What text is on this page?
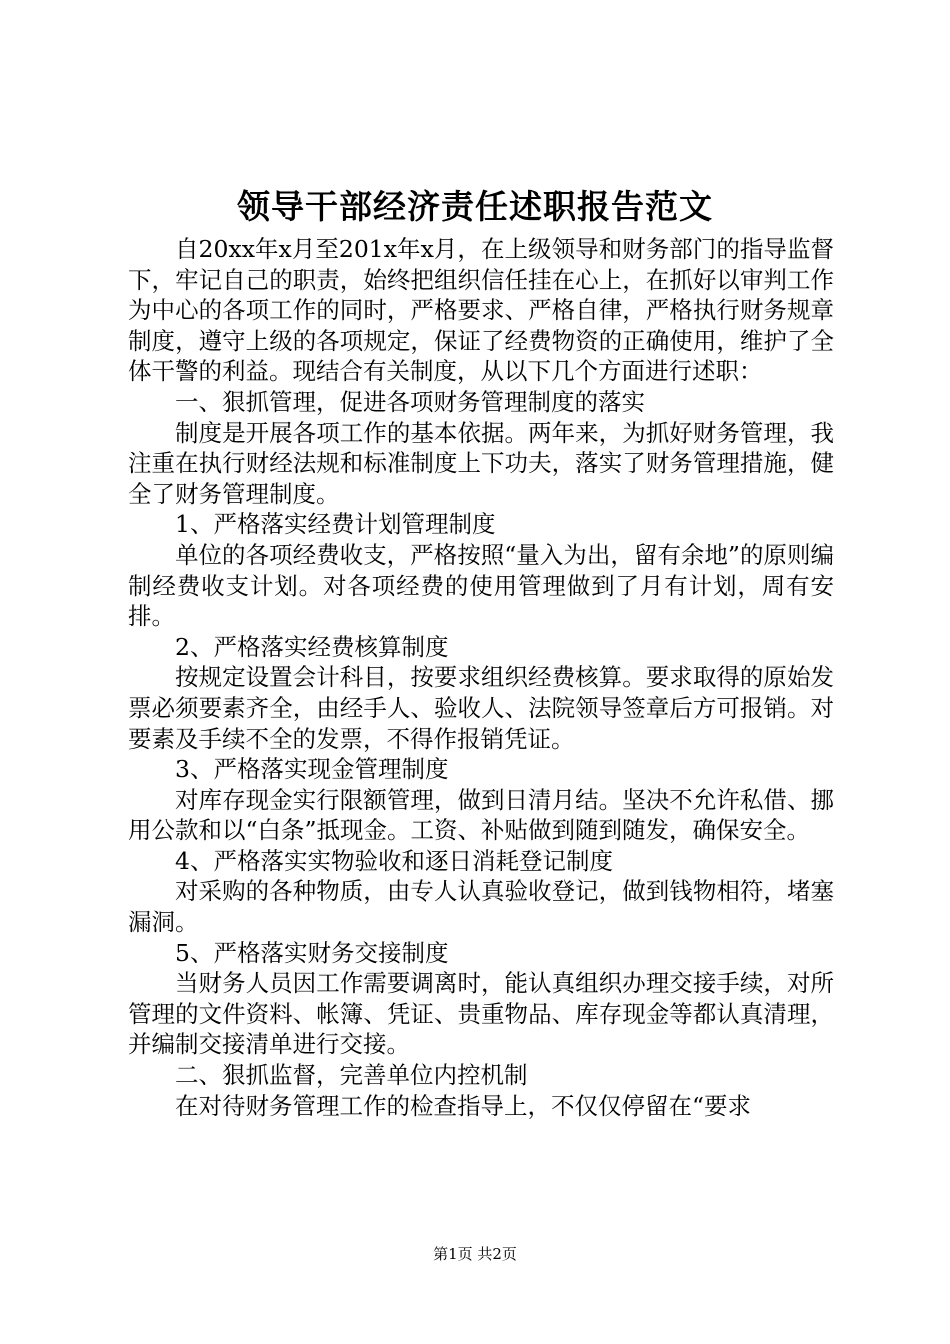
领导干部经济责任述职报告范文

自20xx年x月至201x年x月，在上级领导和财务部门的指导监督下，牢记自己的职责，始终把组织信任挂在心上，在抓好以审判工作为中心的各项工作的同时，严格要求、严格自律，严格执行财务规章制度，遵守上级的各项规定，保证了经费物资的正确使用，维护了全体干警的利益。现结合有关制度，从以下几个方面进行述职：

一、狠抓管理，促进各项财务管理制度的落实

制度是开展各项工作的基本依据。两年来，为抓好财务管理，我注重在执行财经法规和标准制度上下功夫，落实了财务管理措施，健全了财务管理制度。

1、严格落实经费计划管理制度

单位的各项经费收支，严格按照“量入为出，留有余地”的原则编制经费收支计划。对各项经费的使用管理做到了月有计划，周有安排。

2、严格落实经费核算制度

按规定设置会计科目，按要求组织经费核算。要求取得的原始发票必须要素齐全，由经手人、验收人、法院领导签章后方可报销。对要素及手续不全的发票，不得作报销凭证。

3、严格落实现金管理制度

对库存现金实行限额管理，做到日清月结。坚决不允许私借、挪用公款和以“白条”抵现金。工资、补贴做到随到随发，确保安全。

4、严格落实实物验收和逐日消耗登记制度

对采购的各种物质，由专人认真验收登记，做到钱物相符，堵塞漏洞。

5、严格落实财务交接制度

当财务人员因工作需要调离时，能认真组织办理交接手续，对所管理的文件资料、帐簿、凭证、贵重物品、库存现金等都认真清理，并编制交接清单进行交接。

二、狠抓监督，完善单位内控机制

在对待财务管理工作的检查指导上，不仅仅停留在“要求

第1页 共2页
